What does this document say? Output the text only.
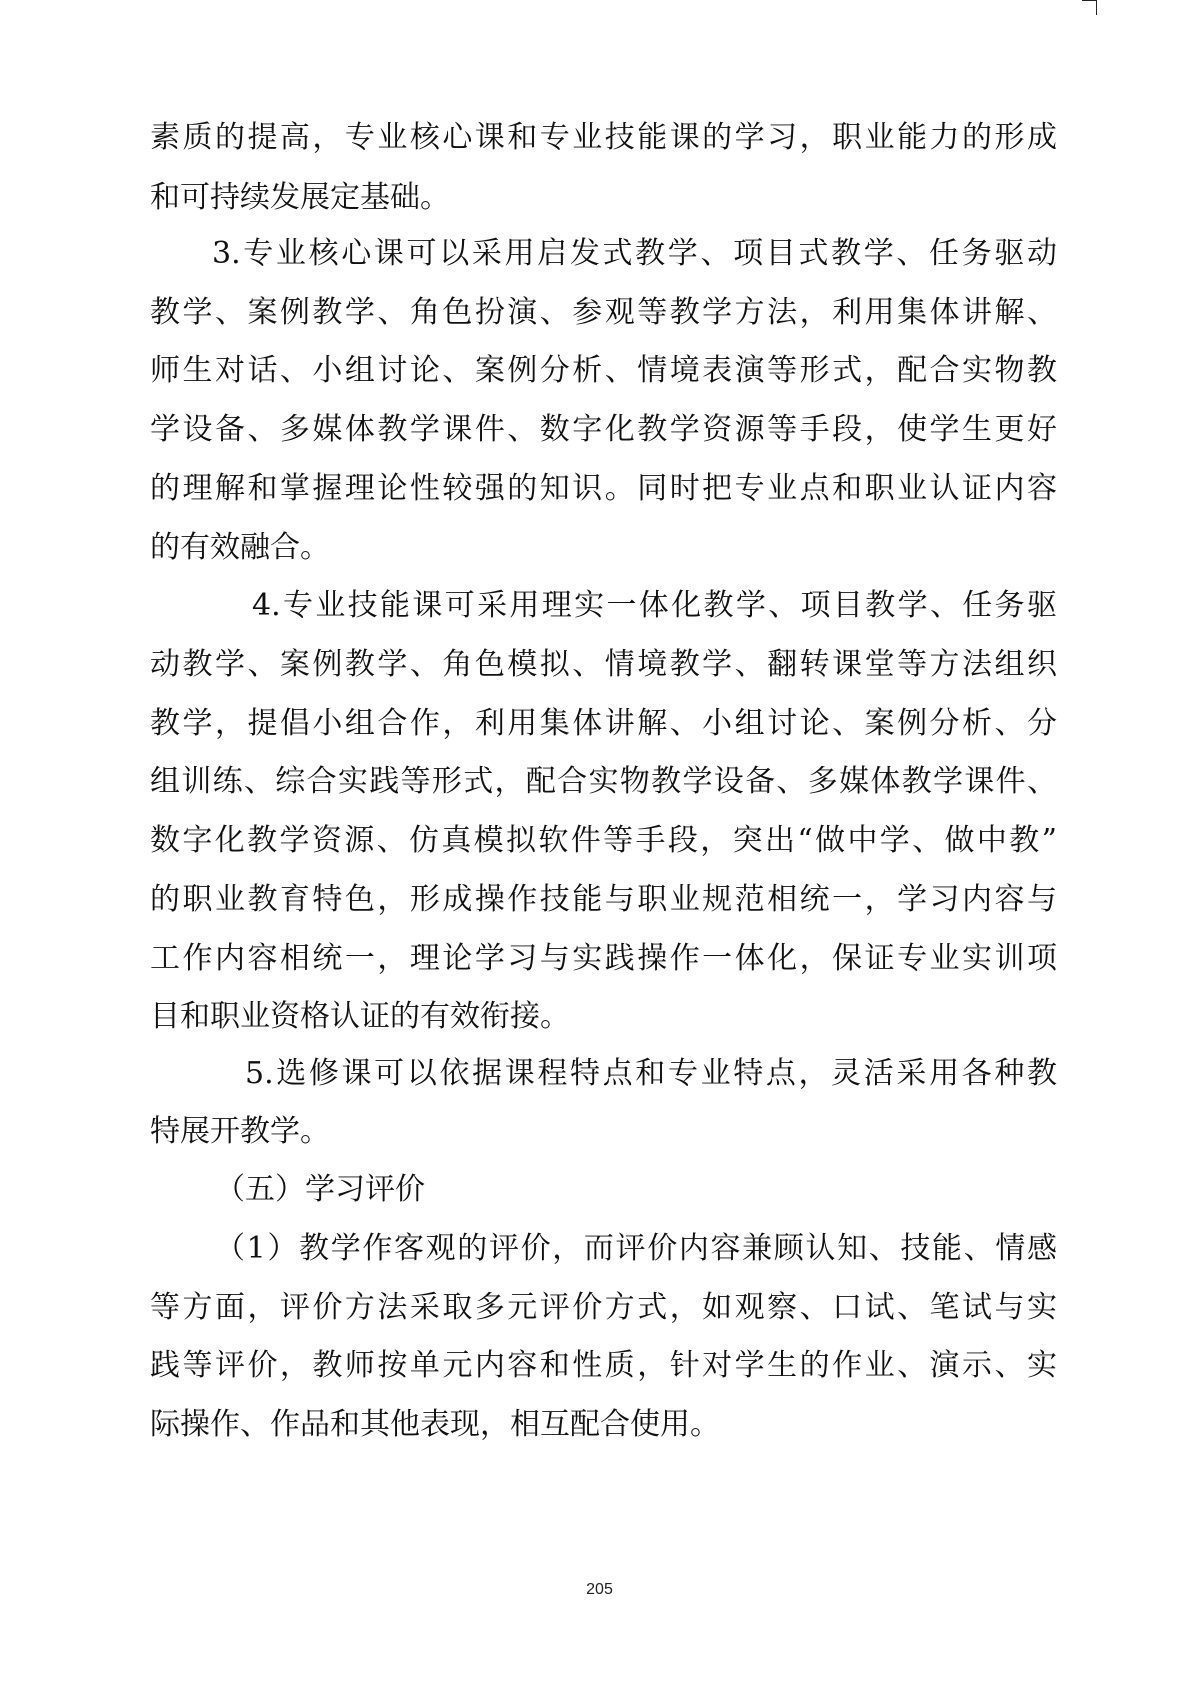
素质的提高，专业核心课和专业技能课的学习，职业能力的形成

和可持续发展定基础。

3.专业核心课可以采用启发式教学、项目式教学、任务驱动

教学、案例教学、角色扮演、参观等教学方法，利用集体讲解、

师生对话、小组讨论、案例分析、情境表演等形式，配合实物教

学设备、多媒体教学课件、数字化教学资源等手段，使学生更好

的理解和掌握理论性较强的知识。同时把专业点和职业认证内容

的有效融合。

4.专业技能课可采用理实一体化教学、项目教学、任务驱

动教学、案例教学、角色模拟、情境教学、翻转课堂等方法组织

教学，提倡小组合作，利用集体讲解、小组讨论、案例分析、分

组训练、综合实践等形式，配合实物教学设备、多媒体教学课件、

数字化教学资源、仿真模拟软件等手段，突出“做中学、做中教”

的职业教育特色，形成操作技能与职业规范相统一，学习内容与

工作内容相统一，理论学习与实践操作一体化，保证专业实训项

目和职业资格认证的有效衔接。

5.选修课可以依据课程特点和专业特点，灵活采用各种教

特展开教学。

（五）学习评价

（1）教学作客观的评价，而评价内容兼顾认知、技能、情感

等方面，评价方法采取多元评价方式，如观察、口试、笔试与实

践等评价，教师按单元内容和性质，针对学生的作业、演示、实

际操作、作品和其他表现，相互配合使用。

205
